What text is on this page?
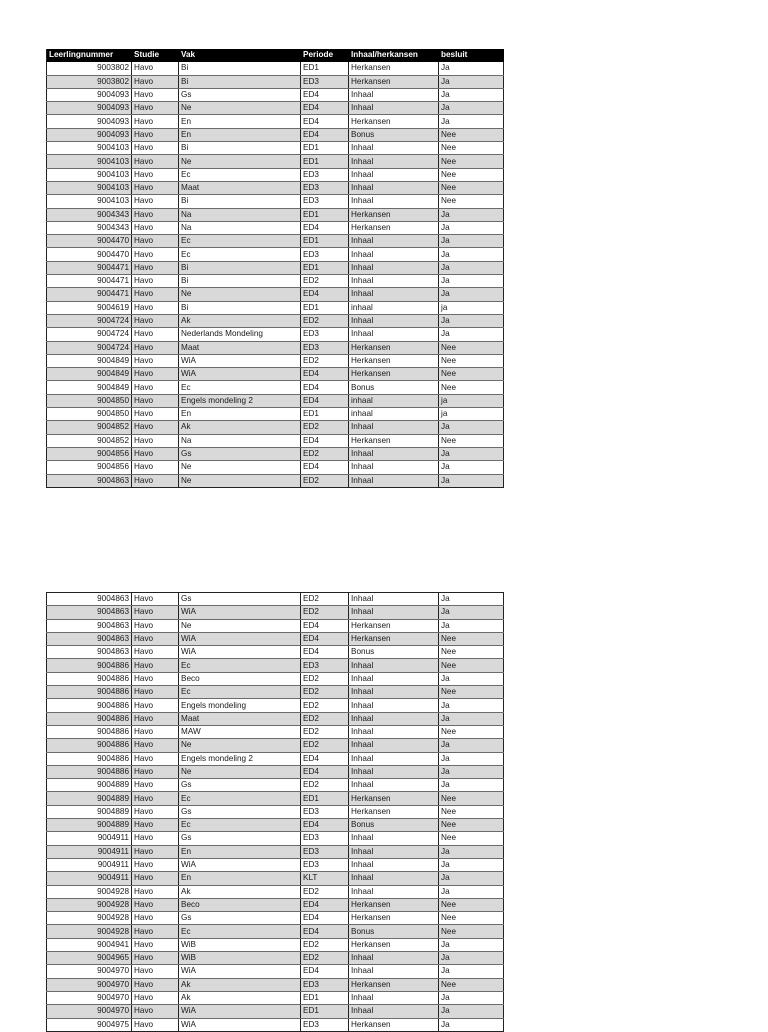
Leerlingnummer	Studie	Vak	Periode	Inhaal/herkansen	besluit
9003802	Havo	Bi	ED1	Herkansen	Ja
9003802	Havo	Bi	ED3	Herkansen	Ja
9004093	Havo	Gs	ED4	Inhaal	Ja
9004093	Havo	Ne	ED4	Inhaal	Ja
9004093	Havo	En	ED4	Herkansen	Ja
9004093	Havo	En	ED4	Bonus	Nee
9004103	Havo	Bi	ED1	Inhaal	Nee
9004103	Havo	Ne	ED1	Inhaal	Nee
9004103	Havo	Ec	ED3	Inhaal	Nee
9004103	Havo	Maat	ED3	Inhaal	Nee
9004103	Havo	Bi	ED3	Inhaal	Nee
9004343	Havo	Na	ED1	Herkansen	Ja
9004343	Havo	Na	ED4	Herkansen	Ja
9004470	Havo	Ec	ED1	Inhaal	Ja
9004470	Havo	Ec	ED3	Inhaal	Ja
9004471	Havo	Bi	ED1	Inhaal	Ja
9004471	Havo	Bi	ED2	Inhaal	Ja
9004471	Havo	Ne	ED4	Inhaal	Ja
9004619	Havo	Bi	ED1	inhaal	ja
9004724	Havo	Ak	ED2	Inhaal	Ja
9004724	Havo	Nederlands Mondeling	ED3	Inhaal	Ja
9004724	Havo	Maat	ED3	Herkansen	Nee
9004849	Havo	WiA	ED2	Herkansen	Nee
9004849	Havo	WiA	ED4	Herkansen	Nee
9004849	Havo	Ec	ED4	Bonus	Nee
9004850	Havo	Engels mondeling 2	ED4	inhaal	ja
9004850	Havo	En	ED1	inhaal	ja
9004852	Havo	Ak	ED2	Inhaal	Ja
9004852	Havo	Na	ED4	Herkansen	Nee
9004856	Havo	Gs	ED2	Inhaal	Ja
9004856	Havo	Ne	ED4	Inhaal	Ja
9004863	Havo	Ne	ED2	Inhaal	Ja
9004863	Havo	Gs	ED2	Inhaal	Ja
9004863	Havo	WiA	ED2	Inhaal	Ja
9004863	Havo	Ne	ED4	Herkansen	Ja
9004863	Havo	WiA	ED4	Herkansen	Nee
9004863	Havo	WiA	ED4	Bonus	Nee
9004886	Havo	Ec	ED3	Inhaal	Nee
9004886	Havo	Beco	ED2	Inhaal	Ja
9004886	Havo	Ec	ED2	Inhaal	Nee
9004886	Havo	Engels mondeling	ED2	Inhaal	Ja
9004886	Havo	Maat	ED2	Inhaal	Ja
9004886	Havo	MAW	ED2	Inhaal	Nee
9004886	Havo	Ne	ED2	Inhaal	Ja
9004886	Havo	Engels mondeling 2	ED4	Inhaal	Ja
9004886	Havo	Ne	ED4	Inhaal	Ja
9004889	Havo	Gs	ED2	Inhaal	Ja
9004889	Havo	Ec	ED1	Herkansen	Nee
9004889	Havo	Gs	ED3	Herkansen	Nee
9004889	Havo	Ec	ED4	Bonus	Nee
9004911	Havo	Gs	ED3	Inhaal	Nee
9004911	Havo	En	ED3	Inhaal	Ja
9004911	Havo	WiA	ED3	Inhaal	Ja
9004911	Havo	En	KLT	Inhaal	Ja
9004928	Havo	Ak	ED2	Inhaal	Ja
9004928	Havo	Beco	ED4	Herkansen	Nee
9004928	Havo	Gs	ED4	Herkansen	Nee
9004928	Havo	Ec	ED4	Bonus	Nee
9004941	Havo	WiB	ED2	Herkansen	Ja
9004965	Havo	WiB	ED2	Inhaal	Ja
9004970	Havo	WiA	ED4	Inhaal	Ja
9004970	Havo	Ak	ED3	Herkansen	Nee
9004970	Havo	Ak	ED1	Inhaal	Ja
9004970	Havo	WiA	ED1	Inhaal	Ja
9004975	Havo	WiA	ED3	Herkansen	Ja
